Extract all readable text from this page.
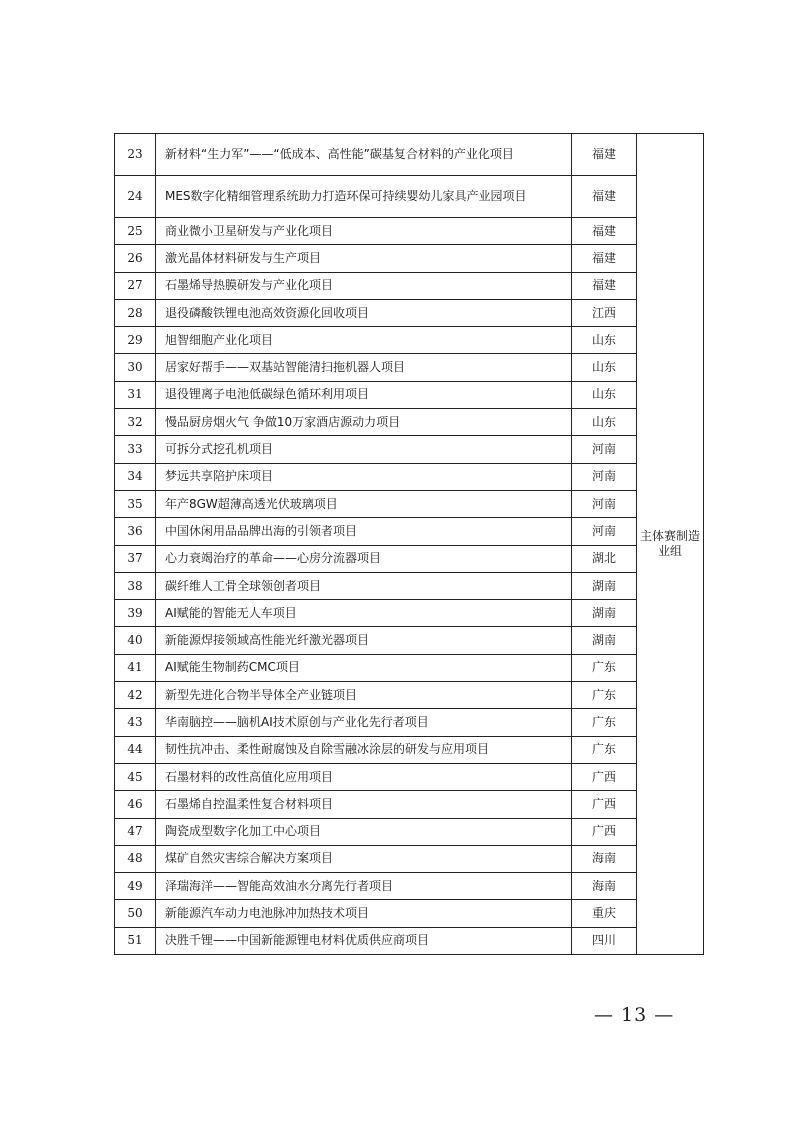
23	新材料“生力军”——“低成本、高性能”碳基复合材料的产业化项目	福建	主体赛制造业组
24	MES数字化精细管理系统助力打造环保可持续婴幼儿家具产业园项目	福建	
25	商业微小卫星研发与产业化项目	福建	
26	激光晶体材料研发与生产项目	福建	
27	石墨烯导热膜研发与产业化项目	福建	
28	退役磷酸铁锂电池高效资源化回收项目	江西	
29	旭智细胞产业化项目	山东	
30	居家好帮手——双基站智能清扫拖机器人项目	山东	
31	退役锂离子电池低碳绿色循环利用项目	山东	
32	慢品厨房烟火气 争做10万家酒店源动力项目	山东	
33	可拆分式挖孔机项目	河南	
34	梦远共享陪护床项目	河南	
35	年产8GW超薄高透光伏玻璃项目	河南	
36	中国休闲用品品牌出海的引领者项目	河南	
37	心力衰竭治疗的革命——心房分流器项目	湖北	
38	碳纤维人工骨全球领创者项目	湖南	
39	AI赋能的智能无人车项目	湖南	
40	新能源焊接领域高性能光纤激光器项目	湖南	
41	AI赋能生物制药CMC项目	广东	
42	新型先进化合物半导体全产业链项目	广东	
43	华南脑控——脑机AI技术原创与产业化先行者项目	广东	
44	韧性抗冲击、柔性耐腐蚀及自除雪融冰涂层的研发与应用项目	广东	
45	石墨材料的改性高值化应用项目	广西	
46	石墨烯自控温柔性复合材料项目	广西	
47	陶瓷成型数字化加工中心项目	广西	
48	煤矿自然灾害综合解决方案项目	海南	
49	泽瑞海洋——智能高效油水分离先行者项目	海南	
50	新能源汽车动力电池脉冲加热技术项目	重庆	
51	决胜千锂——中国新能源锂电材料优质供应商项目	四川	
— 13 —
